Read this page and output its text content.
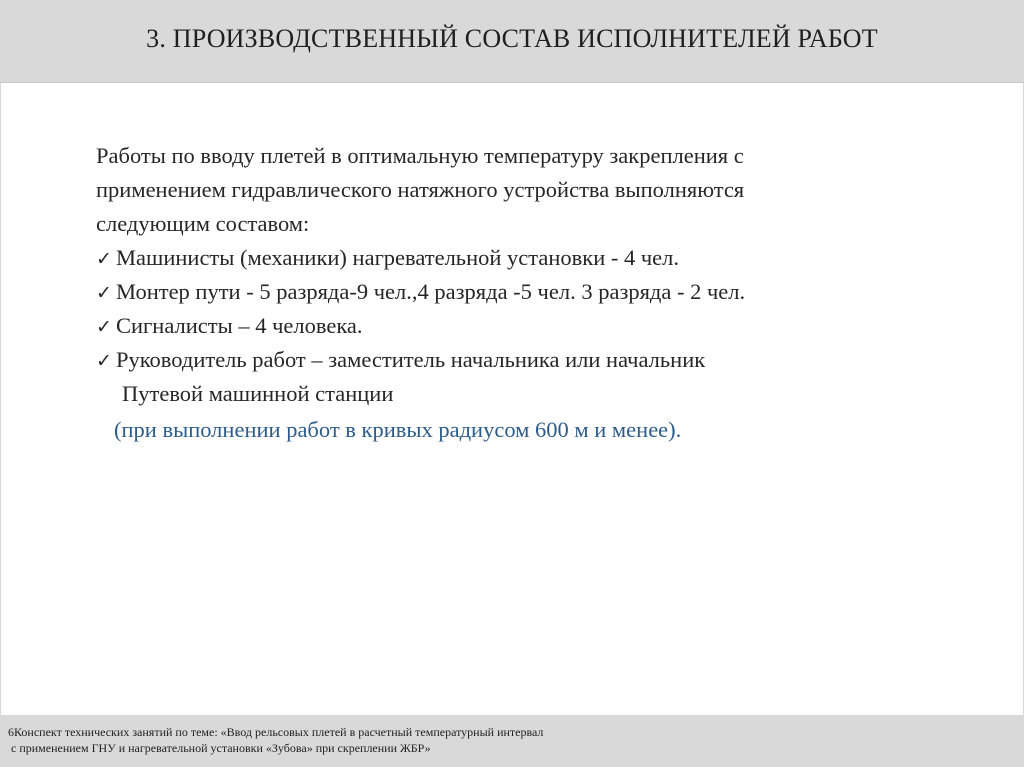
3. ПРОИЗВОДСТВЕННЫЙ СОСТАВ ИСПОЛНИТЕЛЕЙ РАБОТ
Работы по вводу плетей в оптимальную температуру закрепления с
применением гидравлического натяжного устройства выполняются
следующим составом:
✓ Машинисты (механики) нагревательной установки - 4 чел.
✓ Монтер пути - 5 разряда-9 чел.,4 разряда -5 чел. 3 разряда - 2 чел.
✓ Сигналисты – 4 человека.
✓ Руководитель работ – заместитель начальника или начальник
Путевой машинной станции
(при выполнении работ в кривых радиусом 600 м и менее).
6Конспект технических занятий по теме: «Ввод рельсовых плетей в расчетный температурный интервал
с применением ГНУ и нагревательной установки «Зубова» при скреплении ЖБР»
